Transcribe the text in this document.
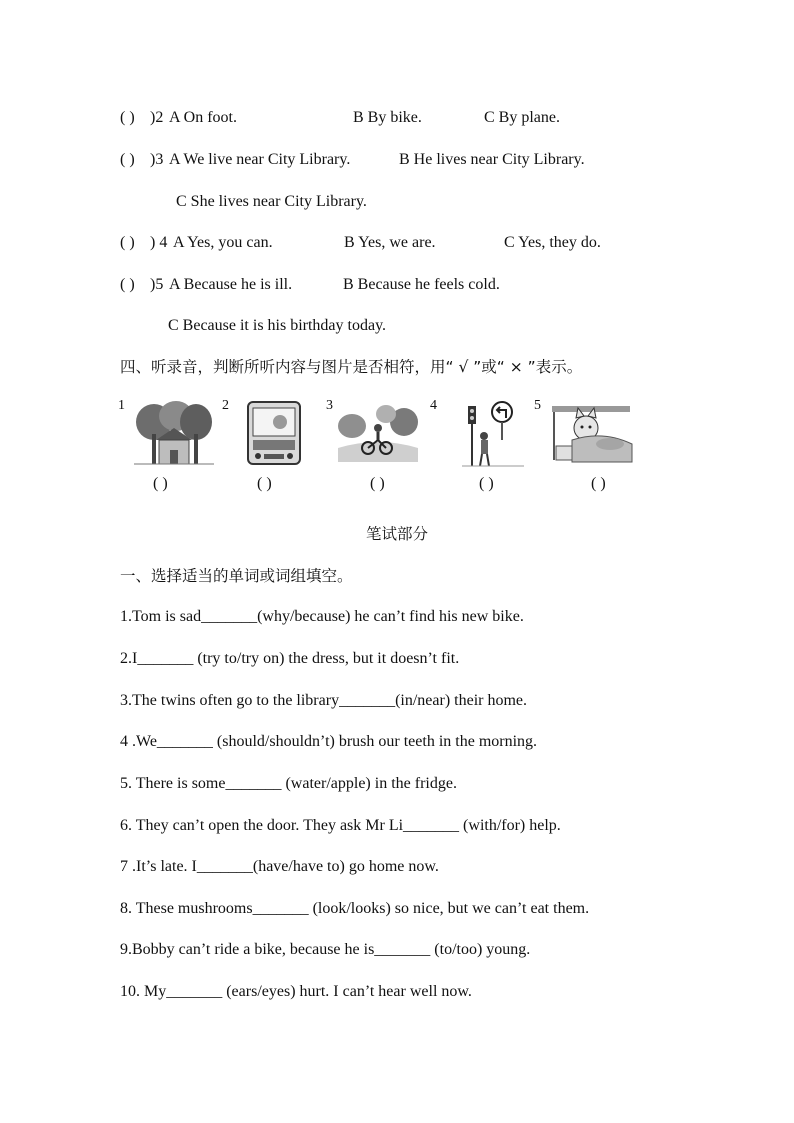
( ) )2 A On foot.	B By bike.	C By plane.
( ) )3 A We live near City Library.	B He lives near City Library.
C She lives near City Library.
( ) ) 4 A Yes, you can.	B Yes, we are.	C Yes, they do.
( ) )5 A Because he is ill.	B Because he feels cold.
C Because it is his birthday today.
四、听录音，判断所听内容与图片是否相符，用“ √ ”或“ × ”表示。
1	2	3	4	5
( )	( )	( )	( )	( )
笔试部分
一、选择适当的单词或词组填空。
1.Tom is sad_______(why/because) he can’t find his new bike.
2.I_______ (try to/try on) the dress, but it doesn’t fit.
3.The twins often go to the library_______(in/near) their home.
4 .We_______ (should/shouldn’t) brush our teeth in the morning.
5. There is some_______ (water/apple) in the fridge.
6. They can’t open the door. They ask Mr Li_______ (with/for) help.
7 .It’s late. I_______(have/have to) go home now.
8. These mushrooms_______ (look/looks) so nice, but we can’t eat them.
9.Bobby can’t ride a bike, because he is_______ (to/too) young.
10. My_______ (ears/eyes) hurt. I can’t hear well now.
